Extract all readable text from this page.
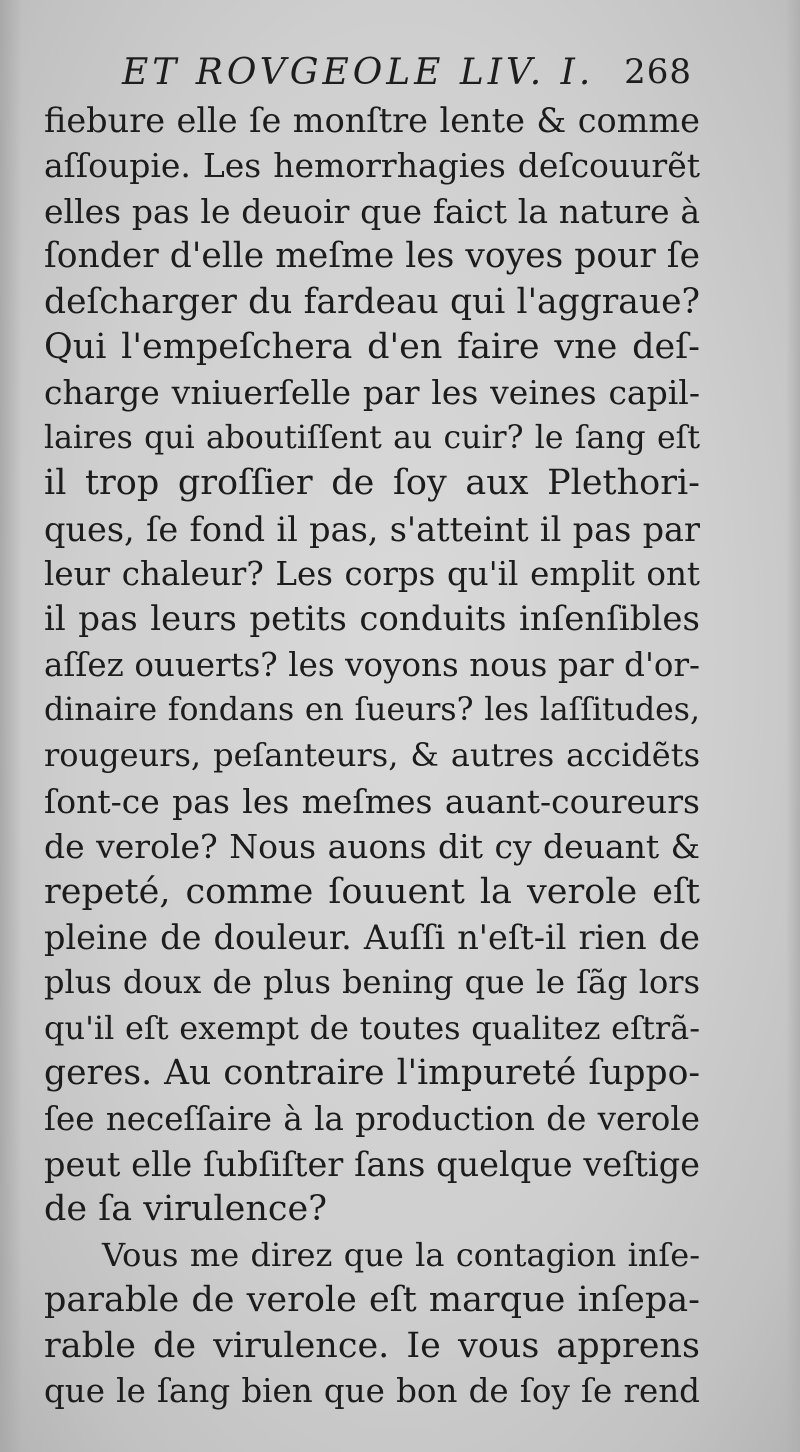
ET ROVGEOLE LIV. I. 268
fiebure elle ſe monſtre lente & comme
aſſoupie. Les hemorrhagies deſcouurẽt
elles pas le deuoir que faict la nature à
ſonder d'elle meſme les voyes pour ſe
deſcharger du fardeau qui l'aggraue?
Qui l'empeſchera d'en faire vne deſ-
charge vniuerſelle par les veines capil-
laires qui aboutiſſent au cuir? le ſang eſt
il trop groſſier de ſoy aux Plethori-
ques, ſe fond il pas, s'atteint il pas par
leur chaleur? Les corps qu'il emplit ont
il pas leurs petits conduits inſenſibles
aſſez ouuerts? les voyons nous par d'or-
dinaire fondans en ſueurs? les laſſitudes,
rougeurs, peſanteurs, & autres accidẽts
ſont-ce pas les meſmes auant-coureurs
de verole? Nous auons dit cy deuant &
repeté, comme ſouuent la verole eſt
pleine de douleur. Auſſi n'eſt-il rien de
plus doux de plus bening que le ſãg lors
qu'il eſt exempt de toutes qualitez eſtrã-
geres. Au contraire l'impureté ſuppo-
ſee neceſſaire à la production de verole
peut elle ſubſiſter ſans quelque veſtige
de ſa virulence?
Vous me direz que la contagion inſe-
parable de verole eſt marque inſepa-
rable de virulence. Ie vous apprens
que le ſang bien que bon de ſoy ſe rend
